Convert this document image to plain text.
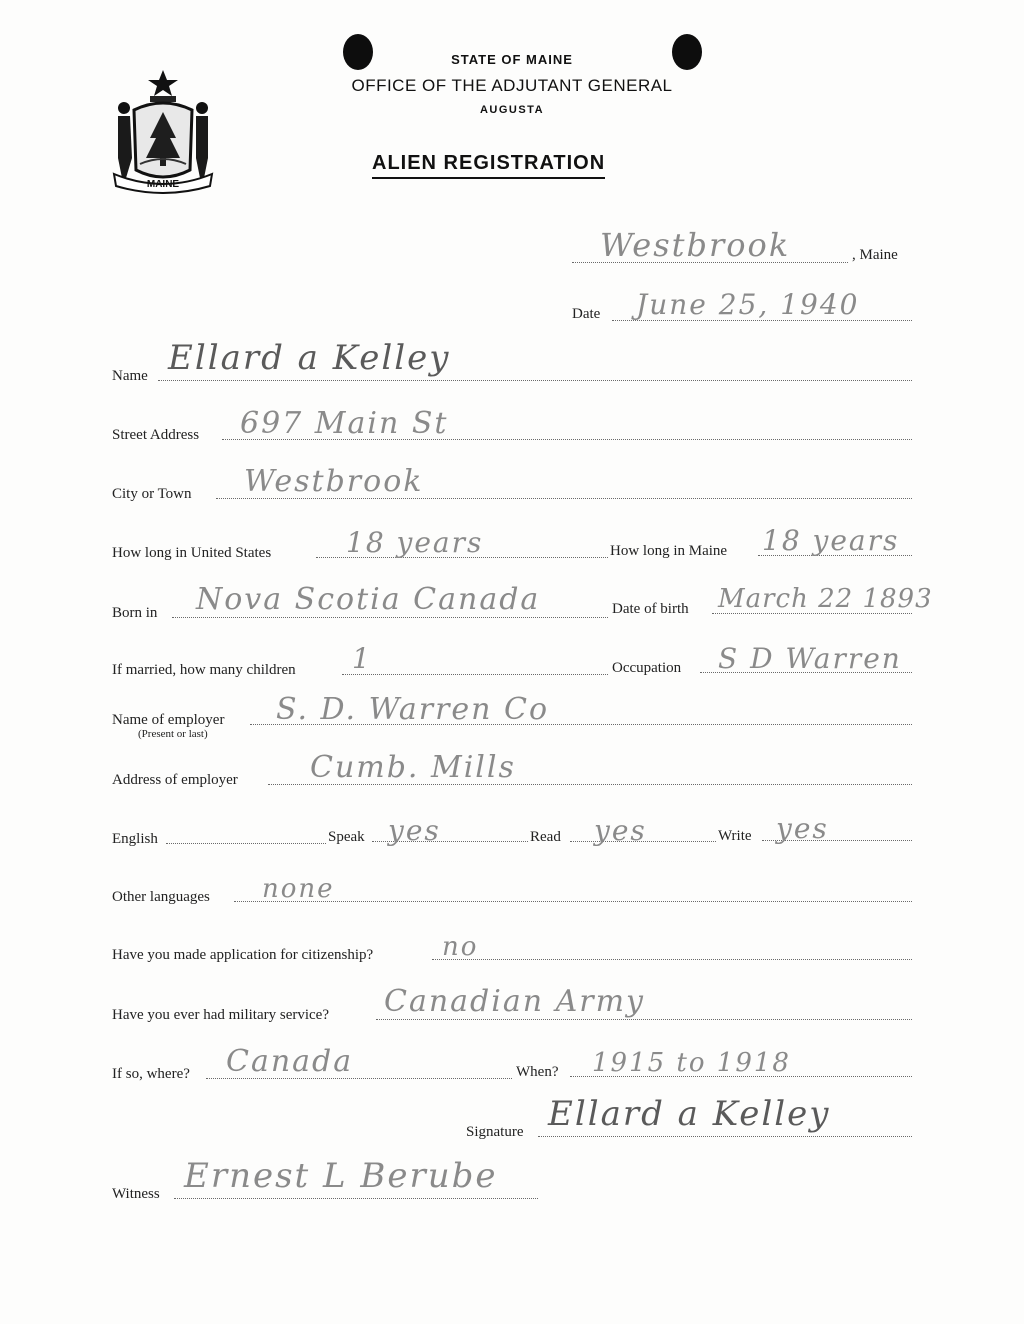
MAINE
STATE OF MAINE
OFFICE OF THE ADJUTANT GENERAL
AUGUSTA
ALIEN REGISTRATION
Westbrook	, Maine
Date June 25, 1940
Name Ellard a Kelley
Street Address 697 Main St
City or Town Westbrook
How long in United States	18 years	How long in Maine 18 years
Born in Nova Scotia Canada	Date of birth March 22 1893
If married, how many children 1	Occupation S D Warren
Name of employer
(Present or last)
S. D. Warren Co
Address of employer Cumb. Mills
English	Speak yes	Read yes	Write yes
Other languages none
Have you made application for citizenship?	no
Have you ever had military service? Canadian Army
If so, where? Canada	When? 1915 to 1918
Signature Ellard a Kelley
Witness Ernest L Berube
